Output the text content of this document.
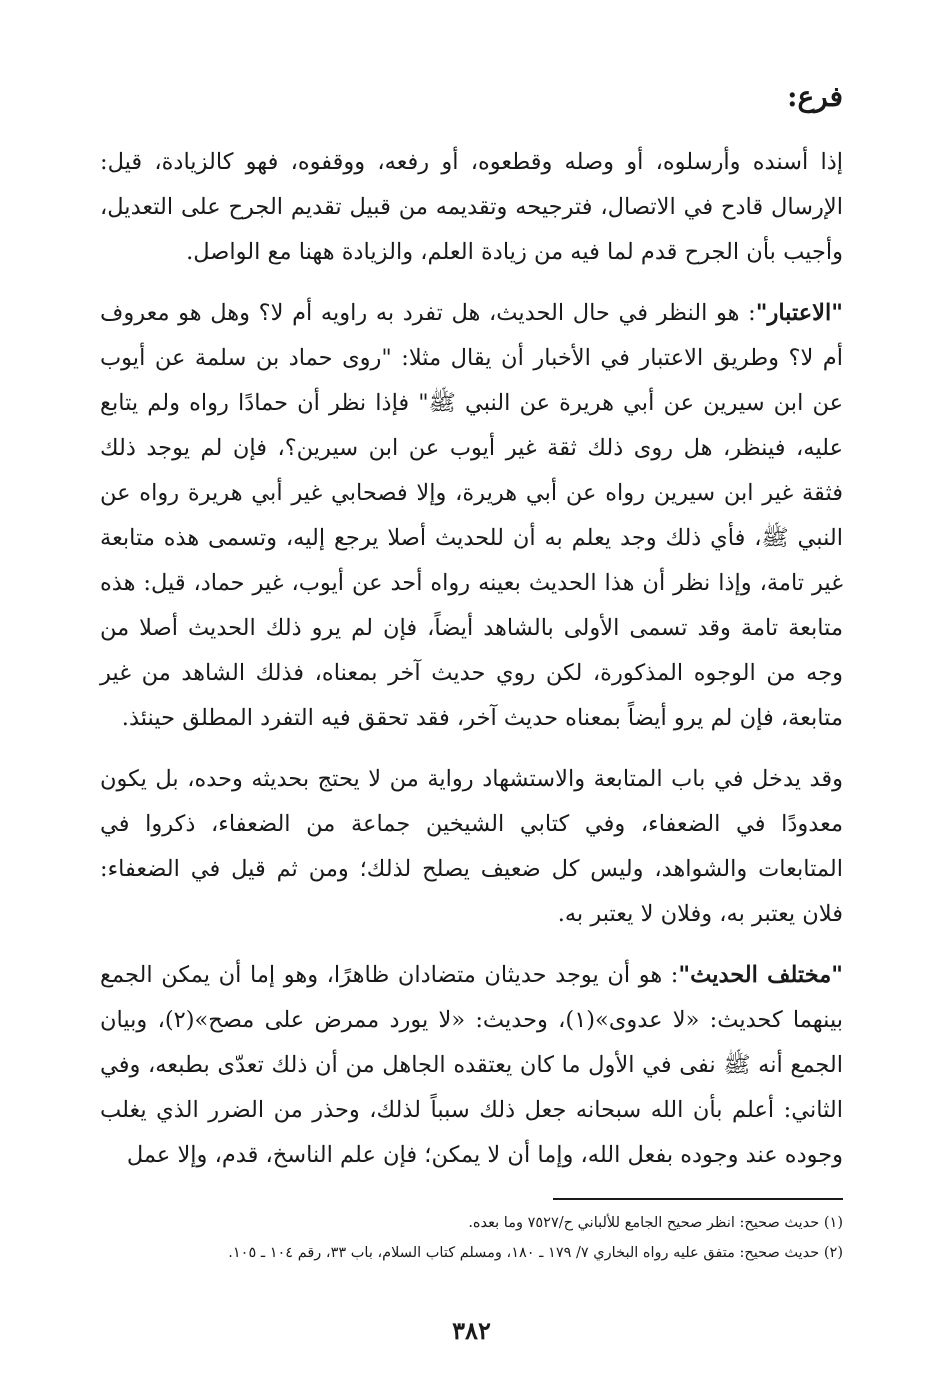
فرع:

إذا أسنده وأرسلوه، أو وصله وقطعوه، أو رفعه، ووقفوه، فهو كالزيادة، قيل: الإرسال قادح في الاتصال، فترجيحه وتقديمه من قبيل تقديم الجرح على التعديل، وأجيب بأن الجرح قدم لما فيه من زيادة العلم، والزيادة ههنا مع الواصل.

"الاعتبار": هو النظر في حال الحديث، هل تفرد به راويه أم لا؟ وهل هو معروف أم لا؟ وطريق الاعتبار في الأخبار أن يقال مثلا: "روى حماد بن سلمة عن أيوب عن ابن سيرين عن أبي هريرة عن النبي ﷺ" فإذا نظر أن حمادًا رواه ولم يتابع عليه، فينظر، هل روى ذلك ثقة غير أيوب عن ابن سيرين؟، فإن لم يوجد ذلك فثقة غير ابن سيرين رواه عن أبي هريرة، وإلا فصحابي غير أبي هريرة رواه عن النبي ﷺ، فأي ذلك وجد يعلم به أن للحديث أصلا يرجع إليه، وتسمى هذه متابعة غير تامة، وإذا نظر أن هذا الحديث بعينه رواه أحد عن أيوب، غير حماد، قيل: هذه متابعة تامة وقد تسمى الأولى بالشاهد أيضاً، فإن لم يرو ذلك الحديث أصلا من وجه من الوجوه المذكورة، لكن روي حديث آخر بمعناه، فذلك الشاهد من غير متابعة، فإن لم يرو أيضاً بمعناه حديث آخر، فقد تحقق فيه التفرد المطلق حينئذ.

وقد يدخل في باب المتابعة والاستشهاد رواية من لا يحتج بحديثه وحده، بل يكون معدودًا في الضعفاء، وفي كتابي الشيخين جماعة من الضعفاء، ذكروا في المتابعات والشواهد، وليس كل ضعيف يصلح لذلك؛ ومن ثم قيل في الضعفاء: فلان يعتبر به، وفلان لا يعتبر به.

"مختلف الحديث": هو أن يوجد حديثان متضادان ظاهرًا، وهو إما أن يمكن الجمع بينهما كحديث: «لا عدوى»(١)، وحديث: «لا يورد ممرض على مصح»(٢)، وبيان الجمع أنه ﷺ نفى في الأول ما كان يعتقده الجاهل من أن ذلك تعدّى بطبعه، وفي الثاني: أعلم بأن الله سبحانه جعل ذلك سبباً لذلك، وحذر من الضرر الذي يغلب وجوده عند وجوده بفعل الله، وإما أن لا يمكن؛ فإن علم الناسخ، قدم، وإلا عمل

(١) حديث صحيح: انظر صحيح الجامع للألباني ح/٧٥٢٧ وما بعده.

(٢) حديث صحيح: متفق عليه رواه البخاري ٧/ ١٧٩ ـ ١٨٠، ومسلم كتاب السلام، باب ٣٣، رقم ١٠٤ ـ ١٠٥.

٣٨٢
